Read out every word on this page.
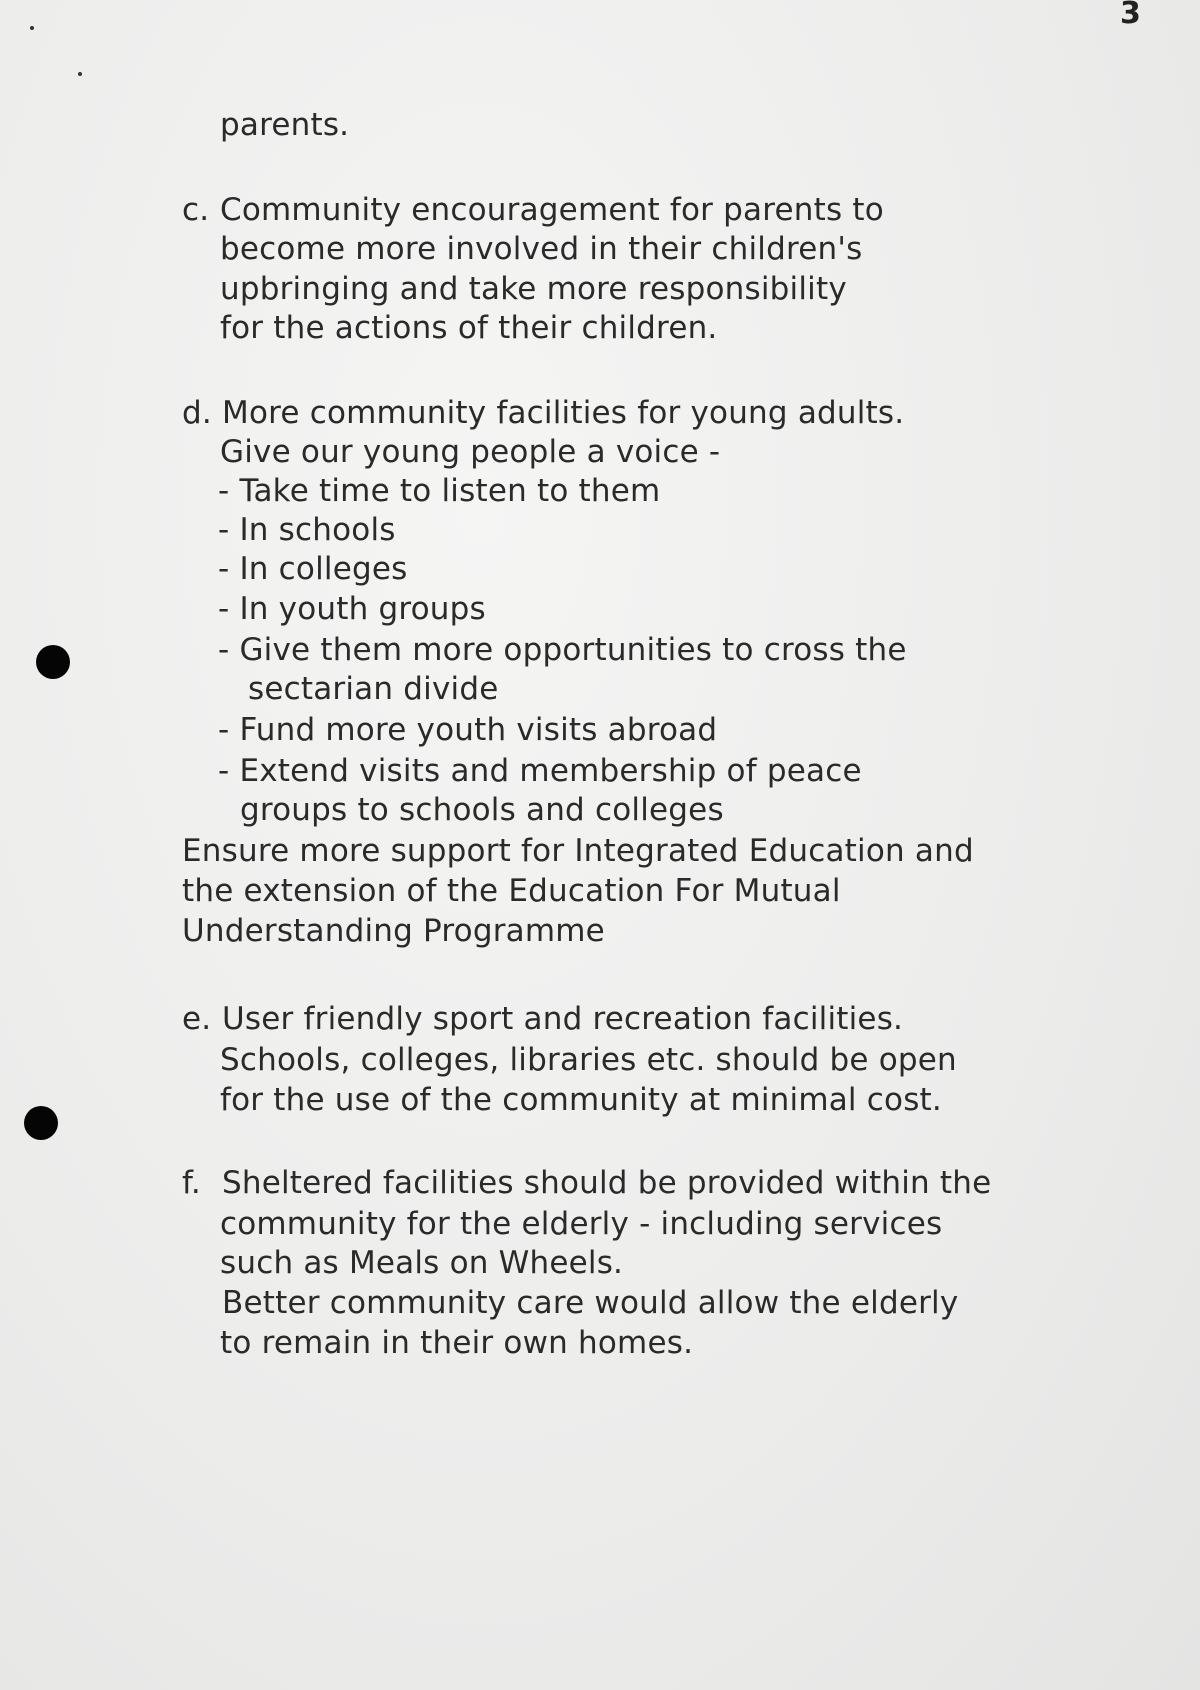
3
parents.
c. Community encouragement for parents to
become more involved in their children's
upbringing and take more responsibility
for the actions of their children.
d. More community facilities for young adults.
Give our young people a voice -
- Take time to listen to them
- In schools
- In colleges
- In youth groups
- Give them more opportunities to cross the
sectarian divide
- Fund more youth visits abroad
- Extend visits and membership of peace
groups to schools and colleges
Ensure more support for Integrated Education and
the extension of the Education For Mutual
Understanding Programme
e. User friendly sport and recreation facilities.
Schools, colleges, libraries etc. should be open
for the use of the community at minimal cost.
f. Sheltered facilities should be provided within the
community for the elderly - including services
such as Meals on Wheels.
Better community care would allow the elderly
to remain in their own homes.
